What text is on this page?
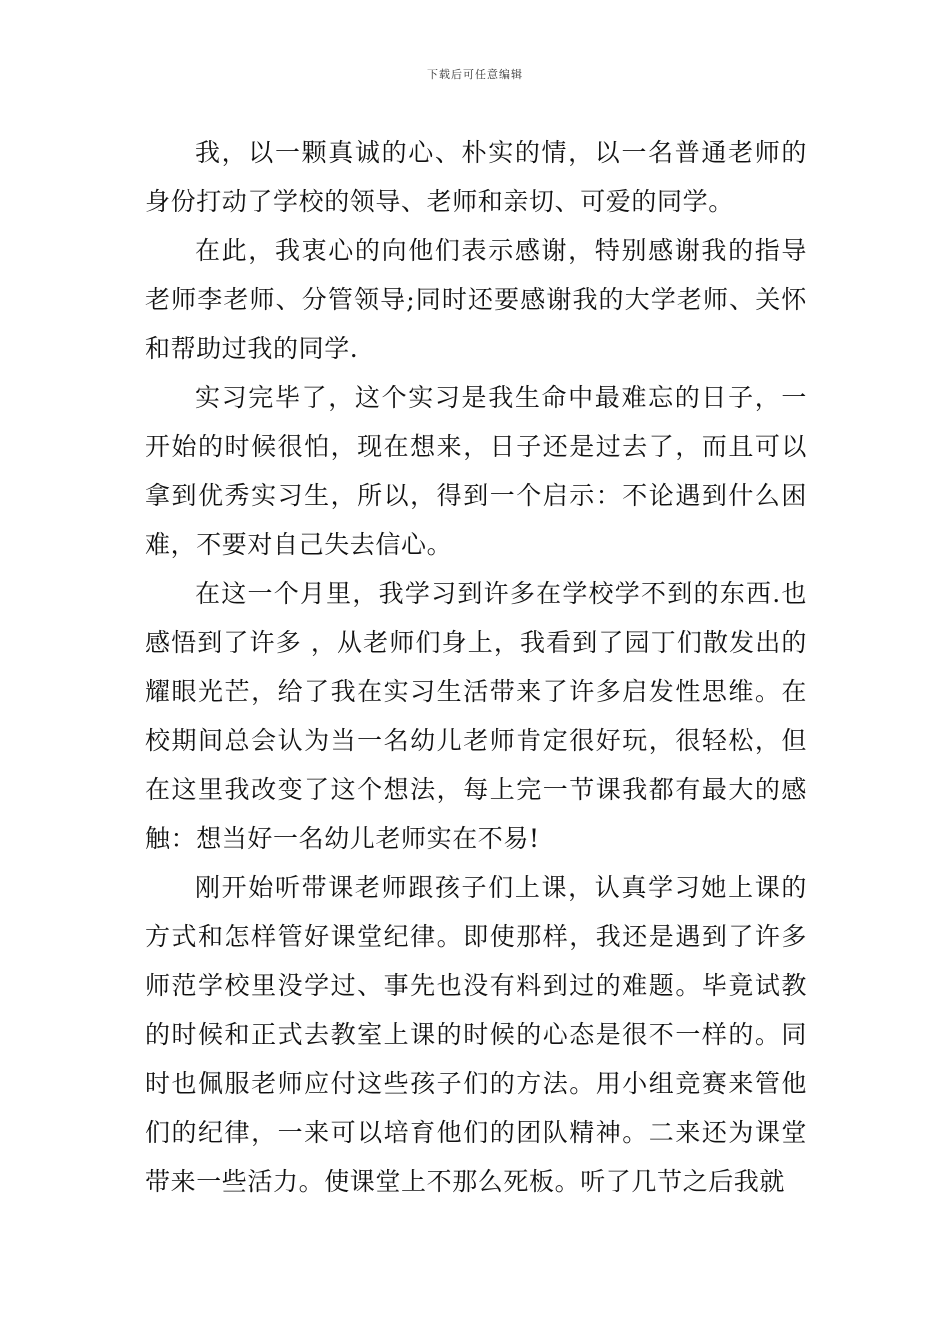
下载后可任意编辑

我，以一颗真诚的心、朴实的情，以一名普通老师的身份打动了学校的领导、老师和亲切、可爱的同学。

在此，我衷心的向他们表示感谢，特别感谢我的指导老师李老师、分管领导;同时还要感谢我的大学老师、关怀和帮助过我的同学.

实习完毕了，这个实习是我生命中最难忘的日子，一开始的时候很怕，现在想来，日子还是过去了，而且可以拿到优秀实习生，所以，得到一个启示：不论遇到什么困难，不要对自己失去信心。

在这一个月里，我学习到许多在学校学不到的东西.也感悟到了许多 ，从老师们身上，我看到了园丁们散发出的耀眼光芒，给了我在实习生活带来了许多启发性思维。在校期间总会认为当一名幼儿老师肯定很好玩，很轻松，但在这里我改变了这个想法，每上完一节课我都有最大的感触：想当好一名幼儿老师实在不易!

刚开始听带课老师跟孩子们上课，认真学习她上课的方式和怎样管好课堂纪律。即使那样，我还是遇到了许多师范学校里没学过、事先也没有料到过的难题。毕竟试教的时候和正式去教室上课的时候的心态是很不一样的。同时也佩服老师应付这些孩子们的方法。用小组竞赛来管他们的纪律，一来可以培育他们的团队精神。二来还为课堂带来一些活力。使课堂上不那么死板。听了几节之后我就
